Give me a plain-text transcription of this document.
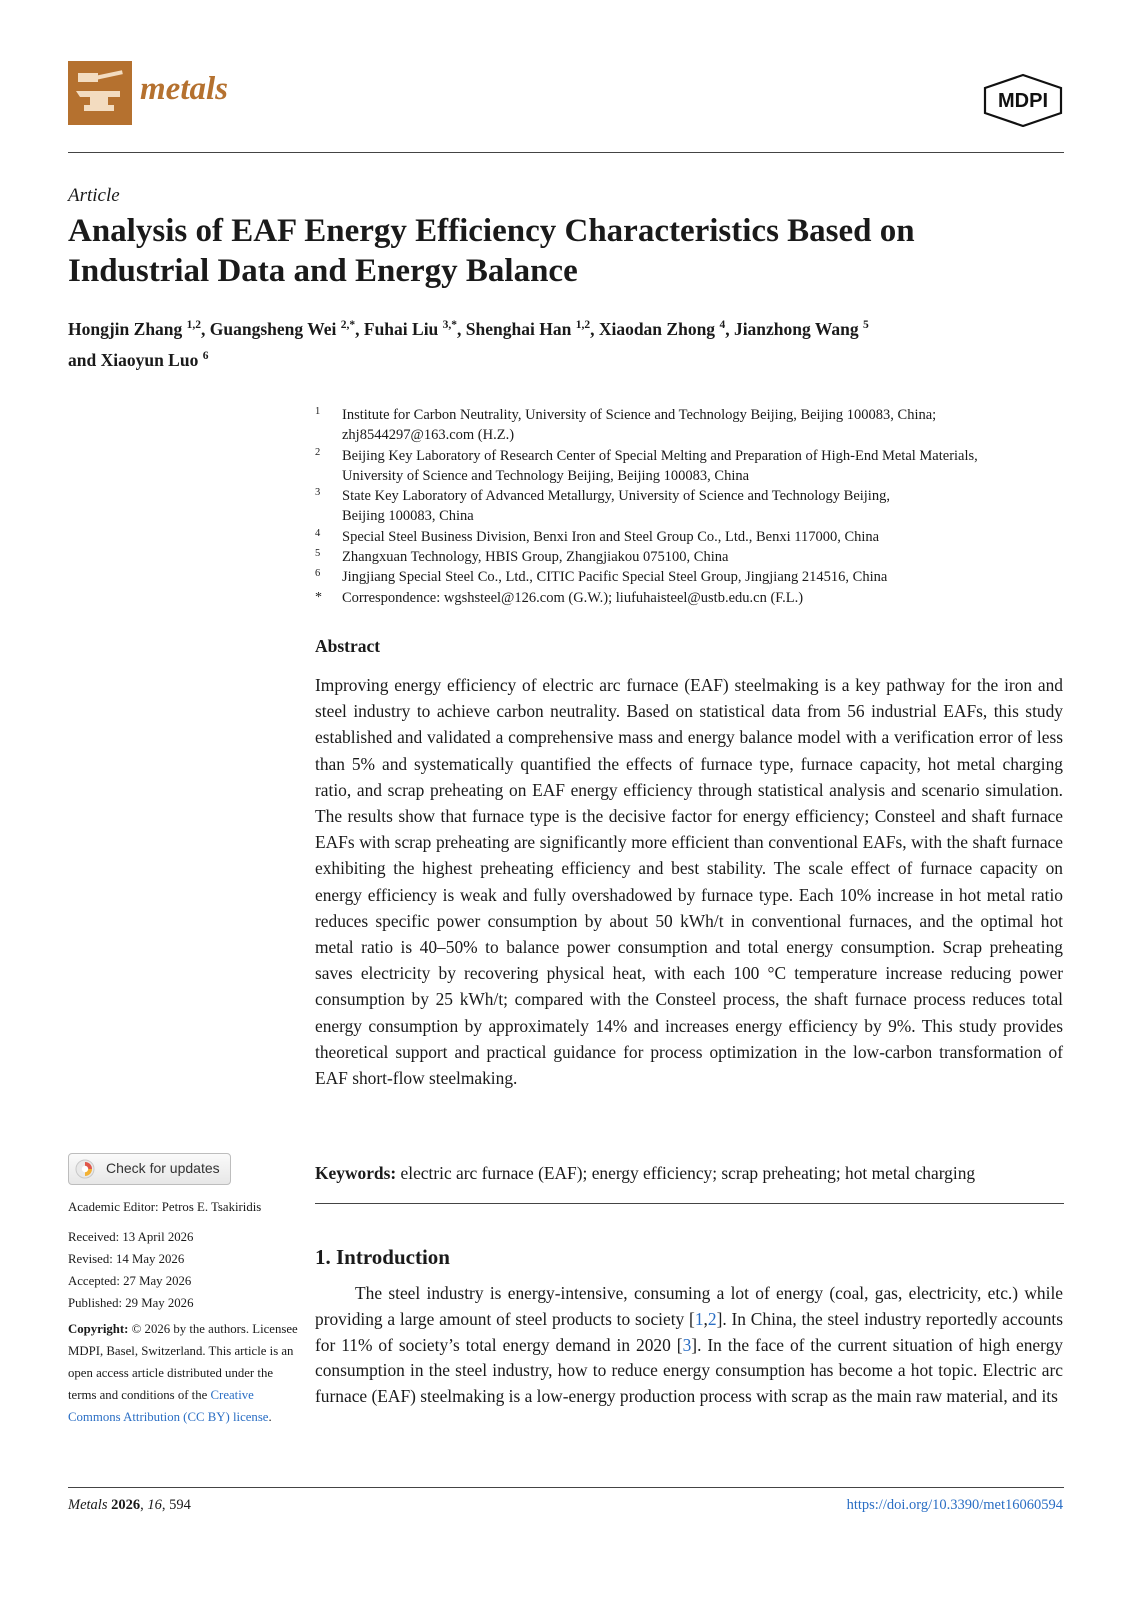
metals	MDPI
Article
Analysis of EAF Energy Efficiency Characteristics Based on Industrial Data and Energy Balance
Hongjin Zhang $^{1,2}$, Guangsheng Wei $^{2,*}$, Fuhai Liu $^{3,*}$, Shenghai Han $^{1,2}$, Xiaodan Zhong $^4$, Jianzhong Wang $^5$
and Xiaoyun Luo $^6$
1 Institute for Carbon Neutrality, University of Science and Technology Beijing, Beijing 100083, China;
zhj8544297@163.com (H.Z.)
2 Beijing Key Laboratory of Research Center of Special Melting and Preparation of High-End Metal Materials,
University of Science and Technology Beijing, Beijing 100083, China
3 State Key Laboratory of Advanced Metallurgy, University of Science and Technology Beijing,
Beijing 100083, China
4 Special Steel Business Division, Benxi Iron and Steel Group Co., Ltd., Benxi 117000, China
5 Zhangxuan Technology, HBIS Group, Zhangjiakou 075100, China
6 Jingjiang Special Steel Co., Ltd., CITIC Pacific Special Steel Group, Jingjiang 214516, China
* Correspondence: wgshsteel@126.com (G.W.); liufuhaisteel@ustb.edu.cn (F.L.)
Abstract

Improving energy efficiency of electric arc furnace (EAF) steelmaking is a key pathway for the iron and steel industry to achieve carbon neutrality. Based on statistical data from 56 industrial EAFs, this study established and validated a comprehensive mass and energy balance model with a verification error of less than 5% and systematically quantified the effects of furnace type, furnace capacity, hot metal charging ratio, and scrap preheating on EAF energy efficiency through statistical analysis and scenario simulation. The results show that furnace type is the decisive factor for energy efficiency; Consteel and shaft furnace EAFs with scrap preheating are significantly more efficient than conventional EAFs, with the shaft furnace exhibiting the highest preheating efficiency and best stability. The scale effect of furnace capacity on energy efficiency is weak and fully overshadowed by furnace type. Each 10% increase in hot metal ratio reduces specific power consumption by about 50 kWh/t in conventional furnaces, and the optimal hot metal ratio is 40–50% to balance power consumption and total energy consumption. Scrap preheating saves electricity by recovering physical heat, with each 100 °C temperature increase reducing power consumption by 25 kWh/t; compared with the Consteel process, the shaft furnace process reduces total energy consumption by approximately 14% and increases energy efficiency by 9%. This study provides theoretical support and practical guidance for process optimization in the low-carbon transformation of EAF short-flow steelmaking.

Keywords: electric arc furnace (EAF); energy efficiency; scrap preheating; hot metal charging

1. Introduction

The steel industry is energy-intensive, consuming a lot of energy (coal, gas, electricity, etc.) while providing a large amount of steel products to society [1,2]. In China, the steel industry reportedly accounts for 11% of society’s total energy demand in 2020 [3]. In the face of the current situation of high energy consumption in the steel industry, how to reduce energy consumption has become a hot topic. Electric arc furnace (EAF) steelmaking is a low-energy production process with scrap as the main raw material, and its

Check for updates
Academic Editor: Petros E. Tsakiridis

Received: 13 April 2026

Revised: 14 May 2026

Accepted: 27 May 2026

Published: 29 May 2026

Copyright: © 2026 by the authors. Licensee MDPI, Basel, Switzerland. This article is an open access article distributed under the terms and conditions of the Creative Commons Attribution (CC BY) license.
Metals 2026, 16, 594	https://doi.org/10.3390/met16060594
